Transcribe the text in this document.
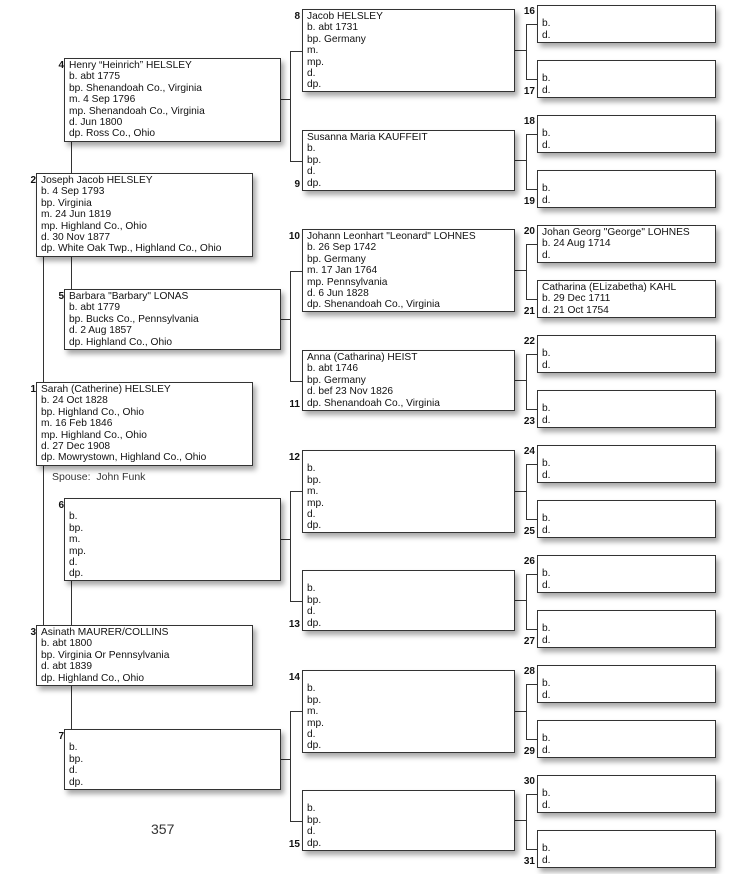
1 Sarah (Catherine) HELSLEY
b. 24 Oct 1828
bp. Highland Co., Ohio
m. 16 Feb 1846
mp. Highland Co., Ohio
d. 27 Dec 1908
dp. Mowrystown, Highland Co., Ohio
Spouse: John Funk
2 Joseph Jacob HELSLEY
b. 4 Sep 1793
bp. Virginia
m. 24 Jun 1819
mp. Highland Co., Ohio
d. 30 Nov 1877
dp. White Oak Twp., Highland Co., Ohio
3 Asinath MAURER/COLLINS
b. abt 1800
bp. Virginia Or Pennsylvania
d. abt 1839
dp. Highland Co., Ohio
4 Henry “Heinrich” HELSLEY
b. abt 1775
bp. Shenandoah Co., Virginia
m. 4 Sep 1796
mp. Shenandoah Co., Virginia
d. Jun 1800
dp. Ross Co., Ohio
5 Barbara "Barbary" LONAS
b. abt 1779
bp. Bucks Co., Pennsylvania
d. 2 Aug 1857
dp. Highland Co., Ohio
6
b.
bp.
m.
mp.
d.
dp.
7
b.
bp.
d.
dp.
8 Jacob HELSLEY
b. abt 1731
bp. Germany
m.
mp.
d.
dp.
9
Susanna Maria KAUFFEIT
b.
bp.
d.
dp.
10 Johann Leonhart "Leonard" LOHNES
b. 26 Sep 1742
bp. Germany
m. 17 Jan 1764
mp. Pennsylvania
d. 6 Jun 1828
dp. Shenandoah Co., Virginia
11
Anna (Catharina) HEIST
b. abt 1746
bp. Germany
d. bef 23 Nov 1826
dp. Shenandoah Co., Virginia
12
b.
bp.
m.
mp.
d.
dp.
13
b.
bp.
d.
dp.
14
b.
bp.
m.
mp.
d.
dp.
15
b.
bp.
d.
dp.
16
b.
d.
17
b.
d.
18
b.
d.
19
b.
d.
20 Johan Georg "George" LOHNES
b. 24 Aug 1714
d.
21
Catharina (ELizabetha) KAHL
b. 29 Dec 1711
d. 21 Oct 1754
22
b.
d.
23
b.
d.
24
b.
d.
25
b.
d.
26
b.
d.
27
b.
d.
28
b.
d.
29
b.
d.
30
b.
d.
31
b.
d.
357
